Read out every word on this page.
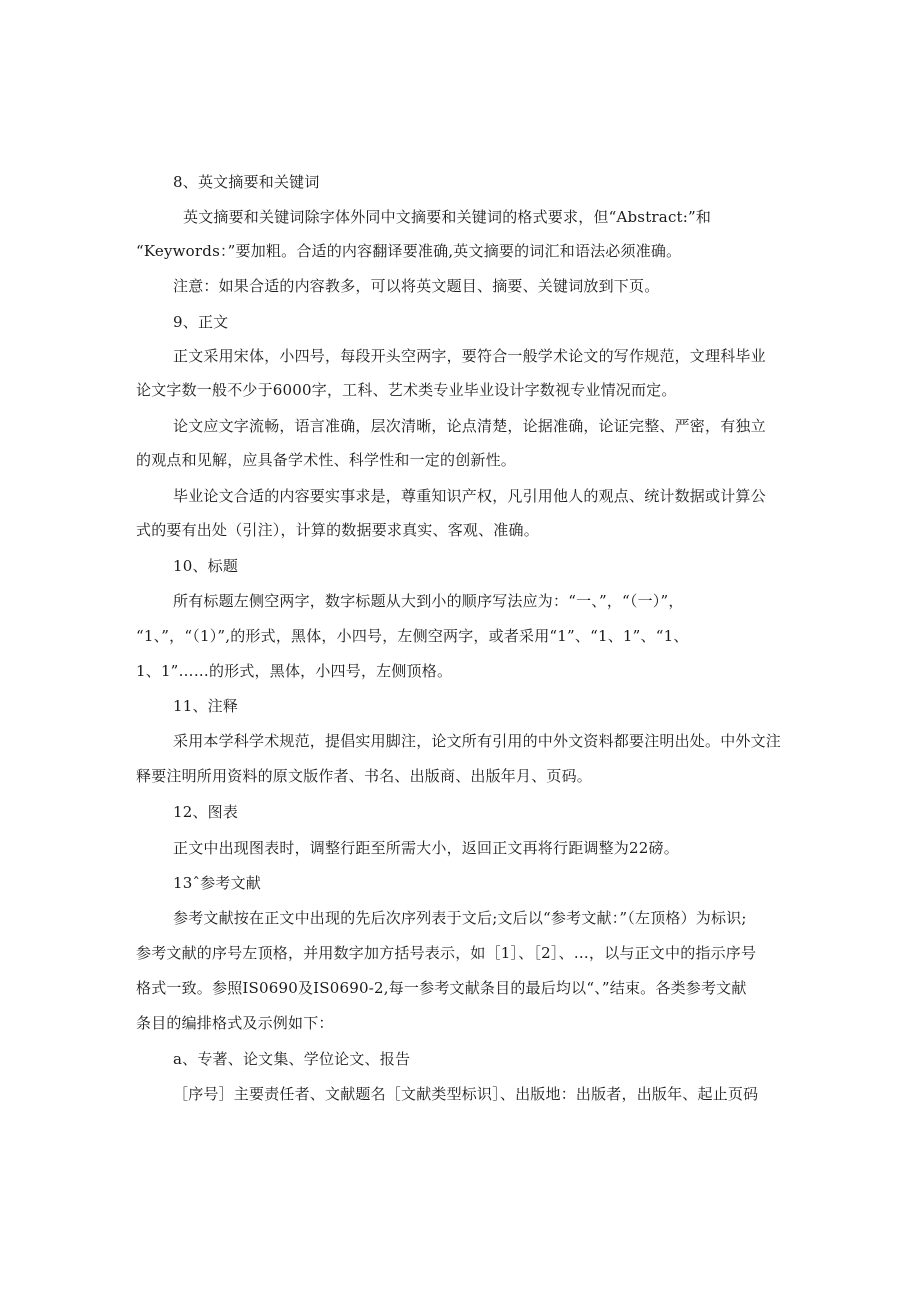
8、英文摘要和关键词
英文摘要和关键词除字体外同中文摘要和关键词的格式要求，但“Abstract:”和
“Keywords：”要加粗。合适的内容翻译要准确,英文摘要的词汇和语法必须准确。
注意：如果合适的内容教多，可以将英文题目、摘要、关键词放到下页。
9、正文
正文采用宋体，小四号，每段开头空两字，要符合一般学术论文的写作规范，文理科毕业
论文字数一般不少于6000字，工科、艺术类专业毕业设计字数视专业情况而定。
论文应文字流畅，语言准确，层次清晰，论点清楚，论据准确，论证完整、严密，有独立
的观点和见解，应具备学术性、科学性和一定的创新性。
毕业论文合适的内容要实事求是，尊重知识产权，凡引用他人的观点、统计数据或计算公
式的要有出处（引注），计算的数据要求真实、客观、准确。
10、标题
所有标题左侧空两字，数字标题从大到小的顺序写法应为：“一、”，“（一）”，
“1、”，“（1）”,的形式，黑体，小四号，左侧空两字，或者采用“1”、“1、1”、“1、
1、1”……的形式，黑体，小四号，左侧顶格。
11、注释
采用本学科学术规范，提倡实用脚注，论文所有引用的中外文资料都要注明出处。中外文注
释要注明所用资料的原文版作者、书名、出版商、出版年月、页码。
12、图表
正文中出现图表时，调整行距至所需大小，返回正文再将行距调整为22磅。
13ˆ参考文献
参考文献按在正文中出现的先后次序列表于文后;文后以“参考文献：”（左顶格）为标识;
参考文献的序号左顶格，并用数字加方括号表示，如［1］、［2］、…，以与正文中的指示序号
格式一致。参照IS0690及IS0690-2,每一参考文献条目的最后均以“、”结束。各类参考文献
条目的编排格式及示例如下：
a、专著、论文集、学位论文、报告
［序号］主要责任者、文献题名［文献类型标识］、出版地：出版者，出版年、起止页码
